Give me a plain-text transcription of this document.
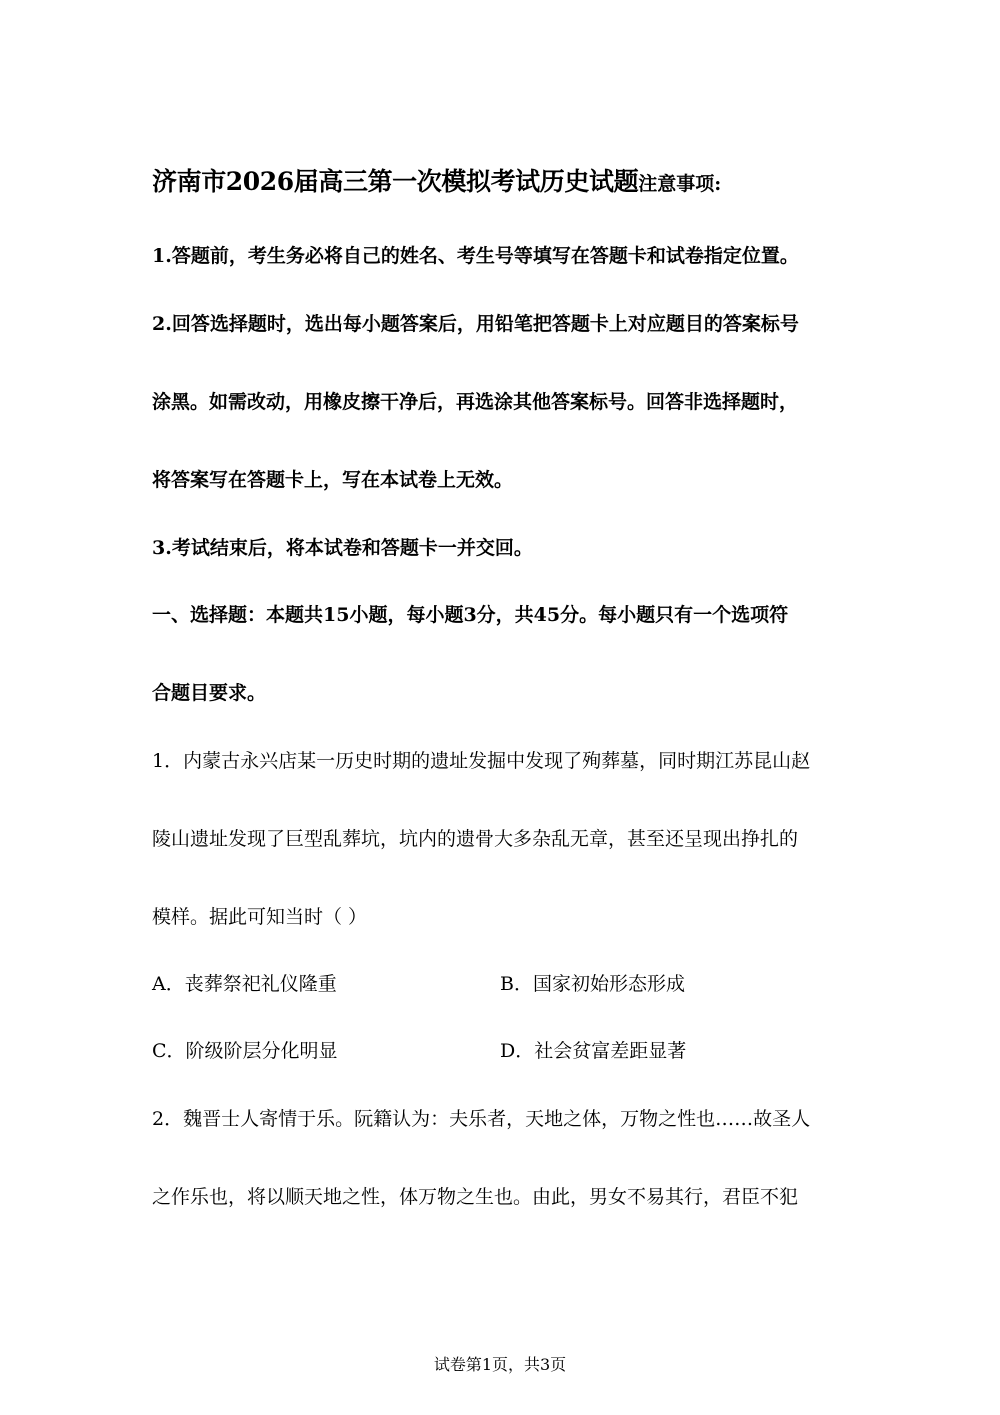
济南市2026届高三第一次模拟考试历史试题注意事项:
1.答题前，考生务必将自己的姓名、考生号等填写在答题卡和试卷指定位置。
2.回答选择题时，选出每小题答案后，用铅笔把答题卡上对应题目的答案标号
涂黑。如需改动，用橡皮擦干净后，再选涂其他答案标号。回答非选择题时，
将答案写在答题卡上，写在本试卷上无效。
3.考试结束后，将本试卷和答题卡一并交回。
一、选择题：本题共15小题，每小题3分，共45分。每小题只有一个选项符
合题目要求。
1．内蒙古永兴店某一历史时期的遗址发掘中发现了殉葬墓，同时期江苏昆山赵
陵山遗址发现了巨型乱葬坑，坑内的遗骨大多杂乱无章，甚至还呈现出挣扎的
模样。据此可知当时（ ）
A．丧葬祭祀礼仪隆重	B．国家初始形态形成
C．阶级阶层分化明显	D．社会贫富差距显著
2．魏晋士人寄情于乐。阮籍认为：夫乐者，天地之体，万物之性也……故圣人
之作乐也，将以顺天地之性，体万物之生也。由此，男女不易其行，君臣不犯
试卷第1页，共3页
